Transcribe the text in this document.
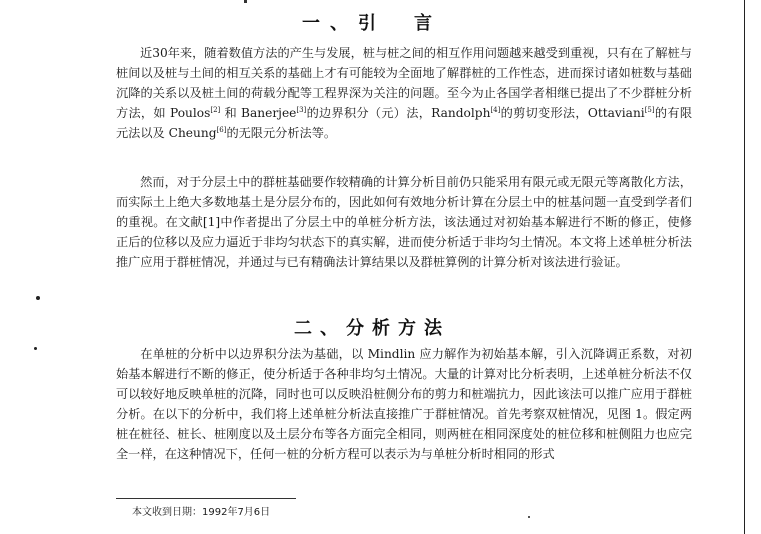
一、引　言

近30年来，随着数值方法的产生与发展，桩与桩之间的相互作用问题越来越受到重视，只有在了解桩与桩间以及桩与土间的相互关系的基础上才有可能较为全面地了解群桩的工作性态，进而探讨诸如桩数与基础沉降的关系以及桩土间的荷载分配等工程界深为关注的问题。至今为止各国学者相继已提出了不少群桩分析方法，如 Poulos[2] 和 Banerjee[3]的边界积分（元）法，Randolph[4]的剪切变形法，Ottaviani[5]的有限元法以及 Cheung[6]的无限元分析法等。

然而，对于分层土中的群桩基础要作较精确的计算分析目前仍只能采用有限元或无限元等离散化方法，而实际土上绝大多数地基土是分层分布的，因此如何有效地分析计算在分层土中的桩基问题一直受到学者们的重视。在文献[1]中作者提出了分层土中的单桩分析方法，该法通过对初始基本解进行不断的修正，使修正后的位移以及应力逼近于非均匀状态下的真实解，进而使分析适于非均匀土情况。本文将上述单桩分析法推广应用于群桩情况，并通过与已有精确法计算结果以及群桩算例的计算分析对该法进行验证。

二、分析方法

在单桩的分析中以边界积分法为基础，以 Mindlin 应力解作为初始基本解，引入沉降调正系数，对初始基本解进行不断的修正，使分析适于各种非均匀土情况。大量的计算对比分析表明，上述单桩分析法不仅可以较好地反映单桩的沉降，同时也可以反映沿桩侧分布的剪力和桩端抗力，因此该法可以推广应用于群桩分析。在以下的分析中，我们将上述单桩分析法直接推广于群桩情况。首先考察双桩情况，见图 1。假定两桩在桩径、桩长、桩刚度以及土层分布等各方面完全相同，则两桩在相同深度处的桩位移和桩侧阻力也应完全一样，在这种情况下，任何一桩的分析方程可以表示为与单桩分析时相同的形式

本文收到日期：1992年7月6日
